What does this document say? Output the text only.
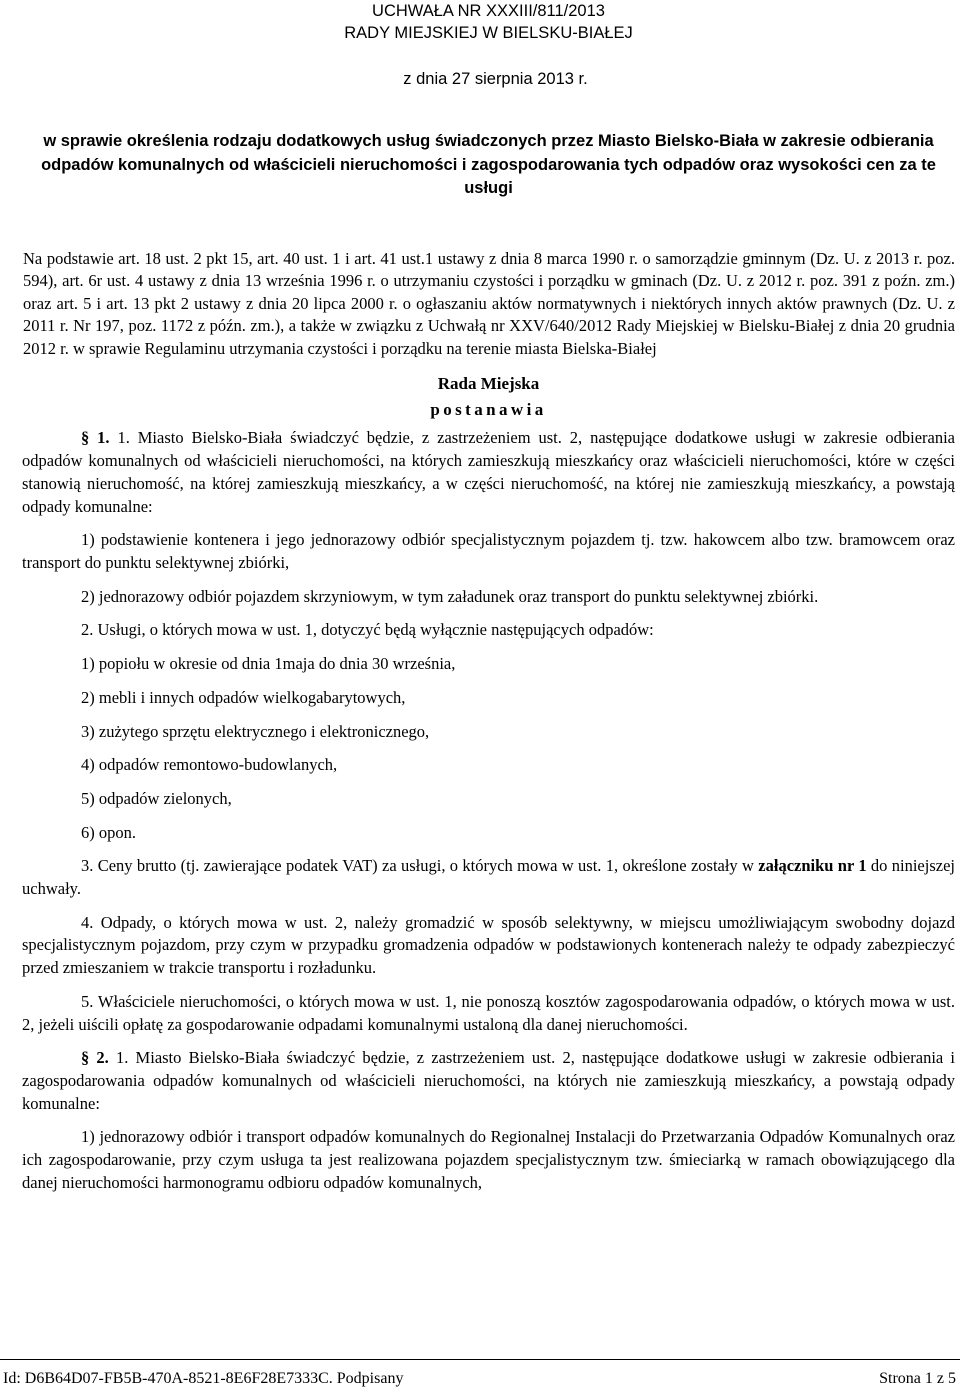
UCHWAŁA NR XXXIII/811/2013
RADY MIEJSKIEJ W BIELSKU-BIAŁEJ
z dnia 27 sierpnia 2013 r.
w sprawie określenia rodzaju dodatkowych usług świadczonych przez Miasto Bielsko-Biała w zakresie odbierania odpadów komunalnych od właścicieli nieruchomości i zagospodarowania tych odpadów oraz wysokości cen za te usługi
Na podstawie art. 18 ust. 2 pkt 15, art. 40 ust. 1 i art. 41 ust.1 ustawy z dnia 8 marca 1990 r. o samorządzie gminnym (Dz. U. z 2013 r. poz. 594), art. 6r ust. 4 ustawy z dnia 13 września 1996 r. o utrzymaniu czystości i porządku w gminach (Dz. U. z 2012 r. poz. 391 z poźn. zm.) oraz art. 5 i art. 13 pkt 2 ustawy z dnia 20 lipca 2000 r. o ogłaszaniu aktów normatywnych i niektórych innych aktów prawnych (Dz. U. z 2011 r. Nr 197, poz. 1172 z późn. zm.), a także w związku z Uchwałą nr XXV/640/2012 Rady Miejskiej w Bielsku-Białej z dnia 20 grudnia 2012 r. w sprawie Regulaminu utrzymania czystości i porządku na terenie miasta Bielska-Białej
Rada Miejska
postanawia

§ 1. 1. Miasto Bielsko-Biała świadczyć będzie, z zastrzeżeniem ust. 2, następujące dodatkowe usługi w zakresie odbierania odpadów komunalnych od właścicieli nieruchomości, na których zamieszkują mieszkańcy oraz właścicieli nieruchomości, które w części stanowią nieruchomość, na której zamieszkują mieszkańcy, a w części nieruchomość, na której nie zamieszkują mieszkańcy, a powstają odpady komunalne:

1) podstawienie kontenera i jego jednorazowy odbiór specjalistycznym pojazdem tj. tzw. hakowcem albo tzw. bramowcem oraz transport do punktu selektywnej zbiórki,

2) jednorazowy odbiór pojazdem skrzyniowym, w tym załadunek oraz transport do punktu selektywnej zbiórki.

2. Usługi, o których mowa w ust. 1, dotyczyć będą wyłącznie następujących odpadów:

1) popiołu w okresie od dnia 1maja do dnia 30 września,

2) mebli i innych odpadów wielkogabarytowych,

3) zużytego sprzętu elektrycznego i elektronicznego,

4) odpadów remontowo-budowlanych,

5) odpadów zielonych,

6) opon.

3. Ceny brutto (tj. zawierające podatek VAT) za usługi, o których mowa w ust. 1, określone zostały w załączniku nr 1 do niniejszej uchwały.

4. Odpady, o których mowa w ust. 2, należy gromadzić w sposób selektywny, w miejscu umożliwiającym swobodny dojazd specjalistycznym pojazdom, przy czym w przypadku gromadzenia odpadów w podstawionych kontenerach należy te odpady zabezpieczyć przed zmieszaniem w trakcie transportu i rozładunku.

5. Właściciele nieruchomości, o których mowa w ust. 1, nie ponoszą kosztów zagospodarowania odpadów, o których mowa w ust. 2, jeżeli uiścili opłatę za gospodarowanie odpadami komunalnymi ustaloną dla danej nieruchomości.

§ 2. 1. Miasto Bielsko-Biała świadczyć będzie, z zastrzeżeniem ust. 2, następujące dodatkowe usługi w zakresie odbierania i zagospodarowania odpadów komunalnych od właścicieli nieruchomości, na których nie zamieszkują mieszkańcy, a powstają odpady komunalne:

1) jednorazowy odbiór i transport odpadów komunalnych do Regionalnej Instalacji do Przetwarzania Odpadów Komunalnych oraz ich zagospodarowanie, przy czym usługa ta jest realizowana pojazdem specjalistycznym tzw. śmieciarką w ramach obowiązującego dla danej nieruchomości harmonogramu odbioru odpadów komunalnych,

Id: D6B64D07-FB5B-470A-8521-8E6F28E7333C. Podpisany	Strona 1 z 5
